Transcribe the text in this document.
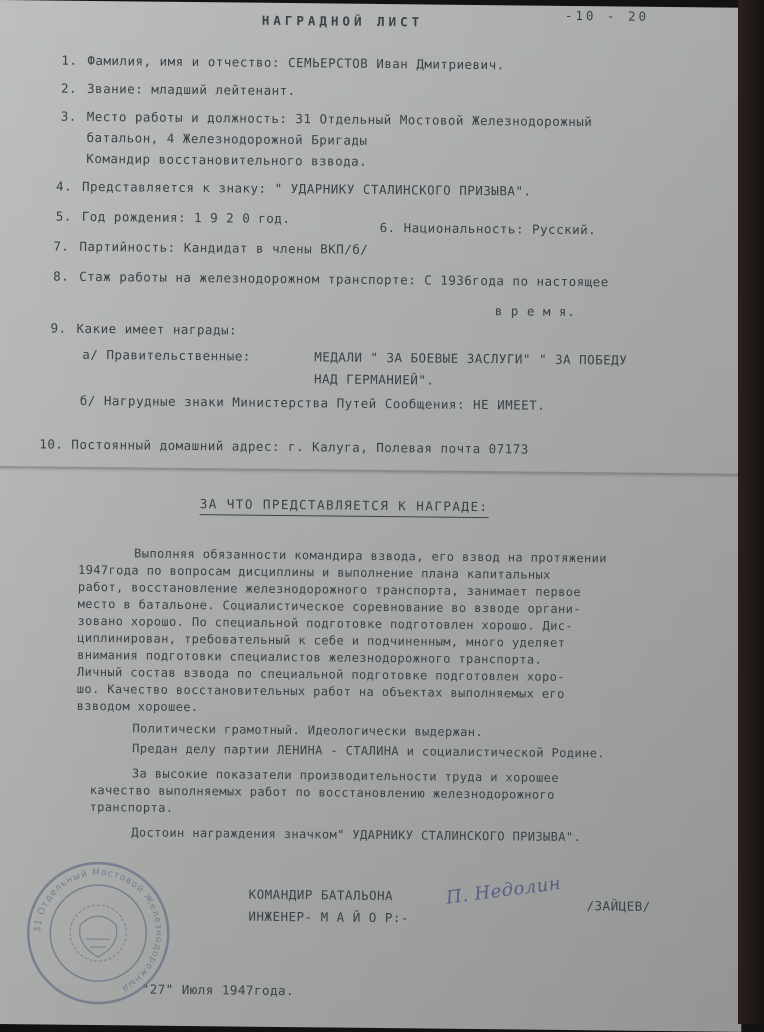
-10 - 20
НАГРАДНОЙ ЛИСТ
1. Фамилия, имя и отчество: СЕМЬЕРСТОВ Иван Дмитриевич.
2. Звание: младший лейтенант.
3. Место работы и должность: 31 Отдельный Мостовой Железнодорожный
батальон, 4 Железнодорожной Бригады
Командир восстановительного взвода.
4. Представляется к знаку: " УДАРНИКУ СТАЛИНСКОГО ПРИЗЫВА".
5. Год рождения: 1 9 2 0 год.
6. Национальность: Русский.
7. Партийность: Кандидат в члены ВКП/б/
8. Стаж работы на железнодорожном транспорте: С 1936года по настоящее
в р е м я.
9. Какие имеет награды:
а/ Правительственные:	МЕДАЛИ " ЗА БОЕВЫЕ ЗАСЛУГИ" " ЗА ПОБЕДУ
НАД ГЕРМАНИЕЙ".
б/ Нагрудные знаки Министерства Путей Сообщения: НЕ ИМЕЕТ.
10. Постоянный домашний адрес: г. Калуга, Полевая почта 07173
ЗА ЧТО ПРЕДСТАВЛЯЕТСЯ К НАГРАДЕ:
Выполняя обязанности командира взвода, его взвод на протяжении
1947года по вопросам дисциплины и выполнение плана капитальных
работ, восстановление железнодорожного транспорта, занимает первое
место в батальоне. Социалистическое соревнование во взводе органи-
зовано хорошо. По специальной подготовке подготовлен хорошо. Дис-
циплинирован, требовательный к себе и подчиненным, много уделяет
внимания подготовки специалистов железнодорожного транспорта.
Личный состав взвода по специальной подготовке подготовлен хоро-
шо. Качество восстановительных работ на объектах выполняемых его
взводом хорошее.
Политически грамотный. Идеологически выдержан.
Предан делу партии ЛЕНИНА - СТАЛИНА и социалистической Родине.
За высокие показатели производительности труда и хорошее
качество выполняемых работ по восстановлению железнодорожного
транспорта.
Достоин награждения значком" УДАРНИКУ СТАЛИНСКОГО ПРИЗЫВА".
КОМАНДИР БАТАЛЬОНА
ИНЖЕНЕР- М А Й О Р:-
П. Недолин /ЗАЙЦЕВ/
"27" Июля 1947года.
31 Отдельный Мостовой Железнодорожный
